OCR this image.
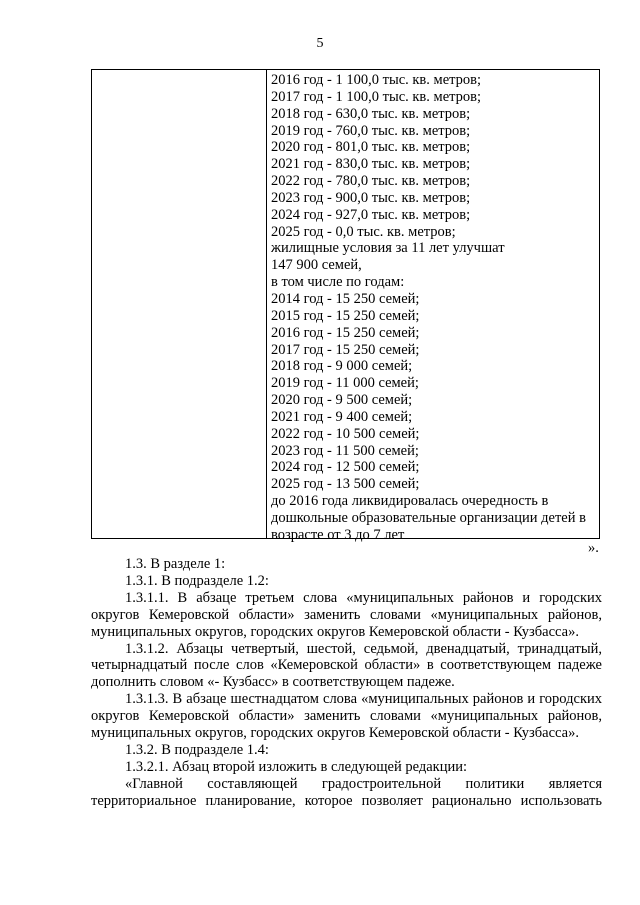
5
2016 год - 1 100,0 тыс. кв. метров;
2017 год - 1 100,0 тыс. кв. метров;
2018 год - 630,0 тыс. кв. метров;
2019 год - 760,0 тыс. кв. метров;
2020 год - 801,0 тыс. кв. метров;
2021 год - 830,0 тыс. кв. метров;
2022 год - 780,0 тыс. кв. метров;
2023 год - 900,0 тыс. кв. метров;
2024 год - 927,0 тыс. кв. метров;
2025 год - 0,0 тыс. кв. метров;
жилищные условия за 11 лет улучшат
147 900 семей,
в том числе по годам:
2014 год - 15 250 семей;
2015 год - 15 250 семей;
2016 год - 15 250 семей;
2017 год - 15 250 семей;
2018 год - 9 000 семей;
2019 год - 11 000 семей;
2020 год - 9 500 семей;
2021 год - 9 400 семей;
2022 год - 10 500 семей;
2023 год - 11 500 семей;
2024 год - 12 500 семей;
2025 год - 13 500 семей;
до 2016 года ликвидировалась очередность в дошкольные образовательные организации детей в возрасте от 3 до 7 лет
».

1.3. В разделе 1:

1.3.1. В подразделе 1.2:

1.3.1.1. В абзаце третьем слова «муниципальных районов и городских округов Кемеровской области» заменить словами «муниципальных районов, муниципальных округов, городских округов Кемеровской области - Кузбасса».

1.3.1.2. Абзацы четвертый, шестой, седьмой, двенадцатый, тринадцатый, четырнадцатый после слов «Кемеровской области» в соответствующем падеже дополнить словом «- Кузбасс» в соответствующем падеже.

1.3.1.3. В абзаце шестнадцатом слова «муниципальных районов и городских округов Кемеровской области» заменить словами «муниципальных районов, муниципальных округов, городских округов Кемеровской области - Кузбасса».

1.3.2. В подразделе 1.4:

1.3.2.1. Абзац второй изложить в следующей редакции:

«Главной составляющей градостроительной политики является территориальное планирование, которое позволяет рационально использовать
